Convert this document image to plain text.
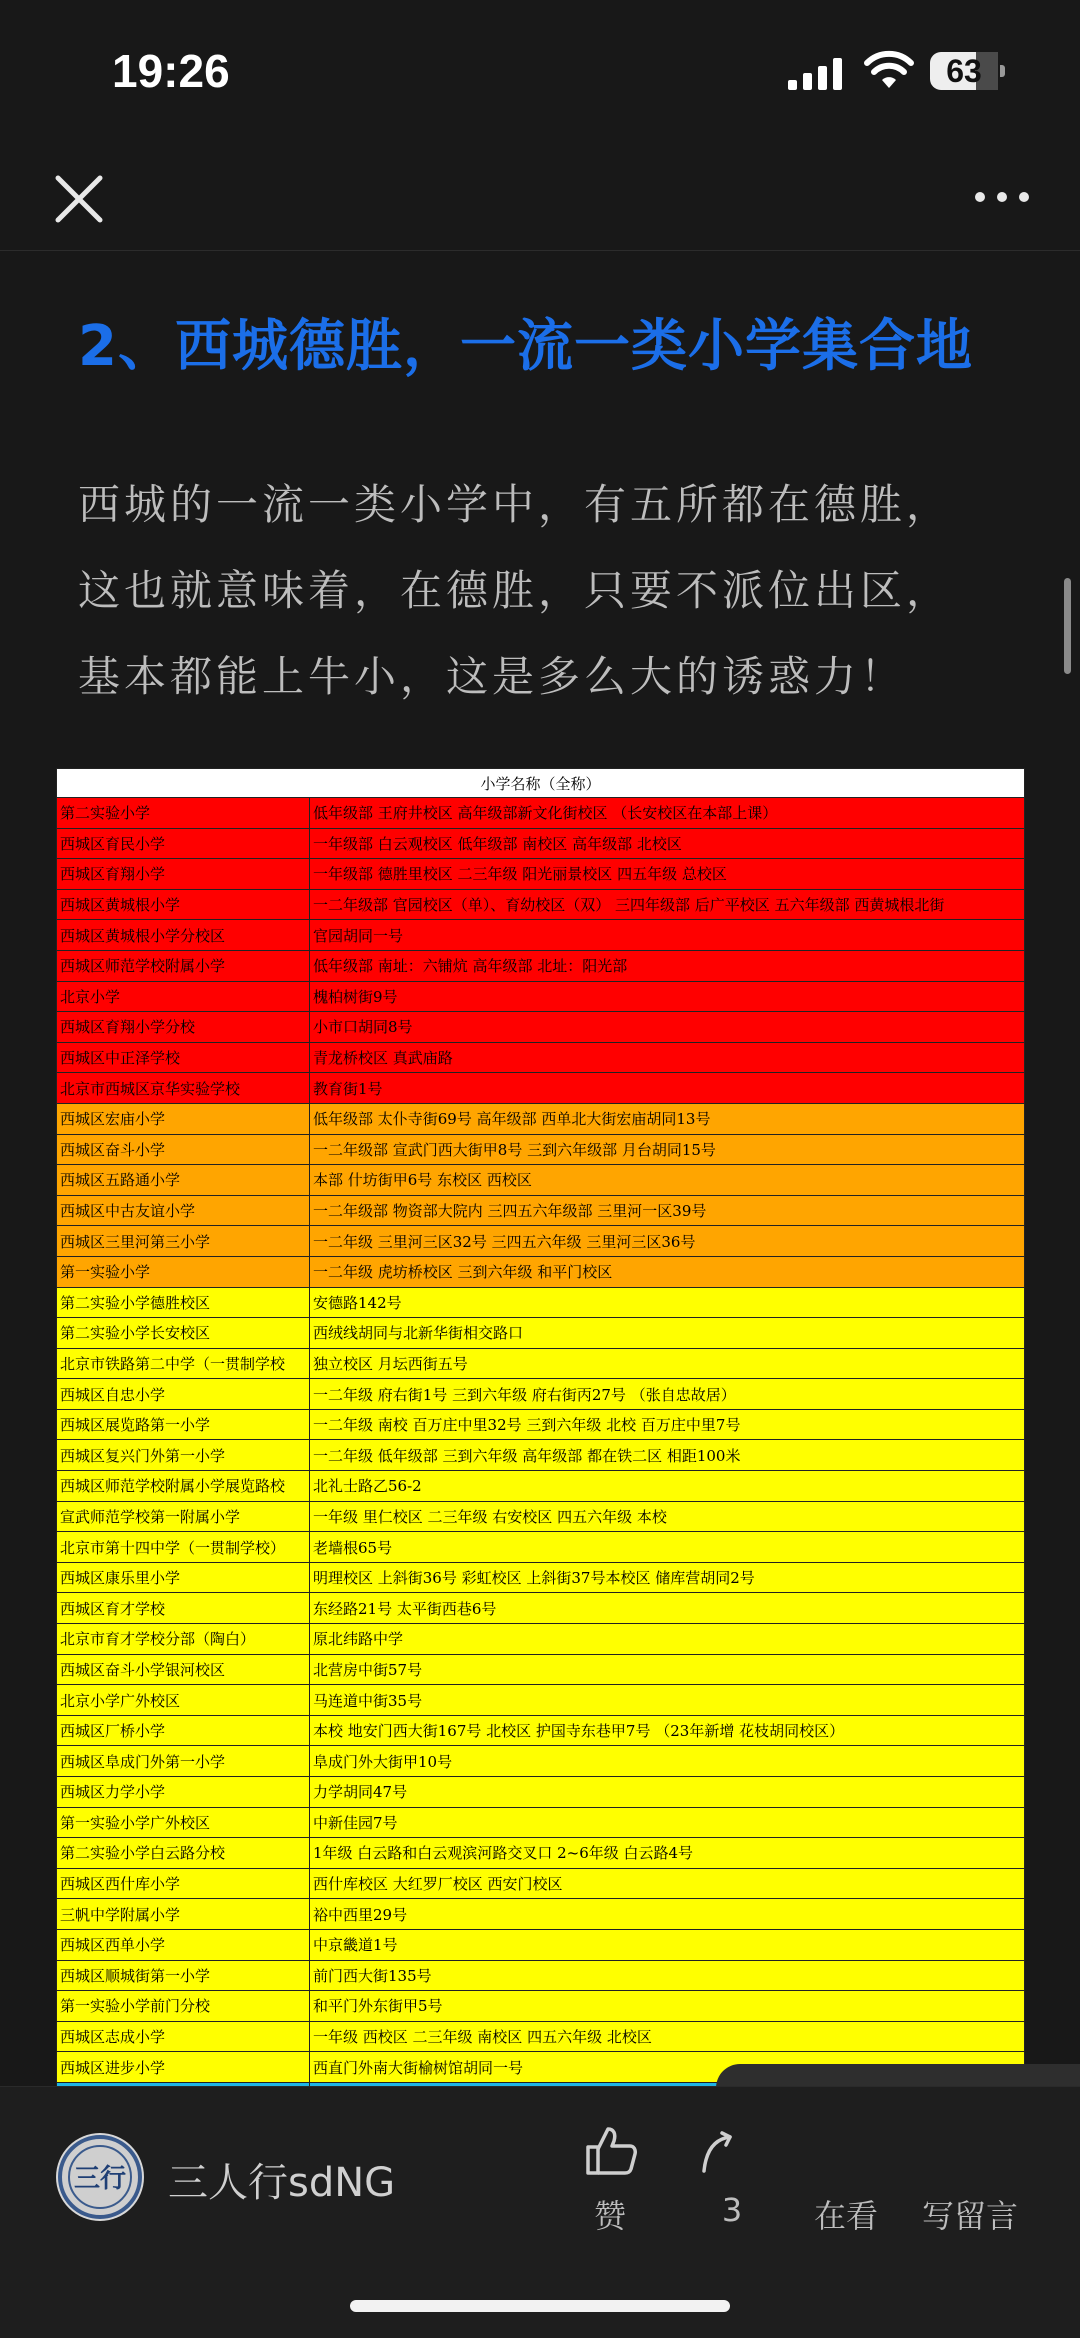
19:26	63
2、西城德胜，一流一类小学集合地
西城的一流一类小学中，有五所都在德胜，
这也就意味着，在德胜，只要不派位出区，
基本都能上牛小，这是多么大的诱惑力！
小学名称（全称）	
第二实验小学	低年级部 王府井校区 高年级部新文化街校区 （长安校区在本部上课）
西城区育民小学	一年级部 白云观校区 低年级部 南校区 高年级部 北校区
西城区育翔小学	一年级部 德胜里校区 二三年级 阳光丽景校区 四五年级 总校区
西城区黄城根小学	一二年级部 官园校区（单）、育幼校区（双） 三四年级部 后广平校区 五六年级部 西黄城根北街
西城区黄城根小学分校区	官园胡同一号
西城区师范学校附属小学	低年级部 南址：六铺炕 高年级部 北址：阳光部
北京小学	槐柏树街9号
西城区育翔小学分校	小市口胡同8号
西城区中正泽学校	青龙桥校区 真武庙路
北京市西城区京华实验学校	教育街1号
西城区宏庙小学	低年级部 太仆寺街69号 高年级部 西单北大街宏庙胡同13号
西城区奋斗小学	一二年级部 宣武门西大街甲8号 三到六年级部 月台胡同15号
西城区五路通小学	本部 什坊街甲6号 东校区 西校区
西城区中古友谊小学	一二年级部 物资部大院内 三四五六年级部 三里河一区39号
西城区三里河第三小学	一二年级 三里河三区32号 三四五六年级 三里河三区36号
第一实验小学	一二年级 虎坊桥校区 三到六年级 和平门校区
第二实验小学德胜校区	安德路142号
第二实验小学长安校区	西绒线胡同与北新华街相交路口
北京市铁路第二中学（一贯制学校	独立校区 月坛西街五号
西城区自忠小学	一二年级 府右街1号 三到六年级 府右街丙27号 （张自忠故居）
西城区展览路第一小学	一二年级 南校 百万庄中里32号 三到六年级 北校 百万庄中里7号
西城区复兴门外第一小学	一二年级 低年级部 三到六年级 高年级部 都在铁二区 相距100米
西城区师范学校附属小学展览路校	北礼士路乙56-2
宣武师范学校第一附属小学	一年级 里仁校区 二三年级 右安校区 四五六年级 本校
北京市第十四中学（一贯制学校）	老墙根65号
西城区康乐里小学	明理校区 上斜街36号 彩虹校区 上斜街37号本校区 储库营胡同2号
西城区育才学校	东经路21号 太平街西巷6号
北京市育才学校分部（陶白）	原北纬路中学
西城区奋斗小学银河校区	北营房中街57号
北京小学广外校区	马连道中街35号
西城区厂桥小学	本校 地安门西大街167号 北校区 护国寺东巷甲7号 （23年新增 花枝胡同校区）
西城区阜成门外第一小学	阜成门外大街甲10号
西城区力学小学	力学胡同47号
第一实验小学广外校区	中新佳园7号
第二实验小学白云路分校	1年级 白云路和白云观滨河路交叉口 2~6年级 白云路4号
西城区西什库小学	西什库校区 大红罗厂校区 西安门校区
三帆中学附属小学	裕中西里29号
西城区西单小学	中京畿道1号
西城区顺城街第一小学	前门西大街135号
第一实验小学前门分校	和平门外东街甲5号
西城区志成小学	一年级 西校区 二三年级 南校区 四五六年级 北校区
西城区进步小学	西直门外南大街榆树馆胡同一号

三行 三人行sdNG
赞	3	在看 写留言
